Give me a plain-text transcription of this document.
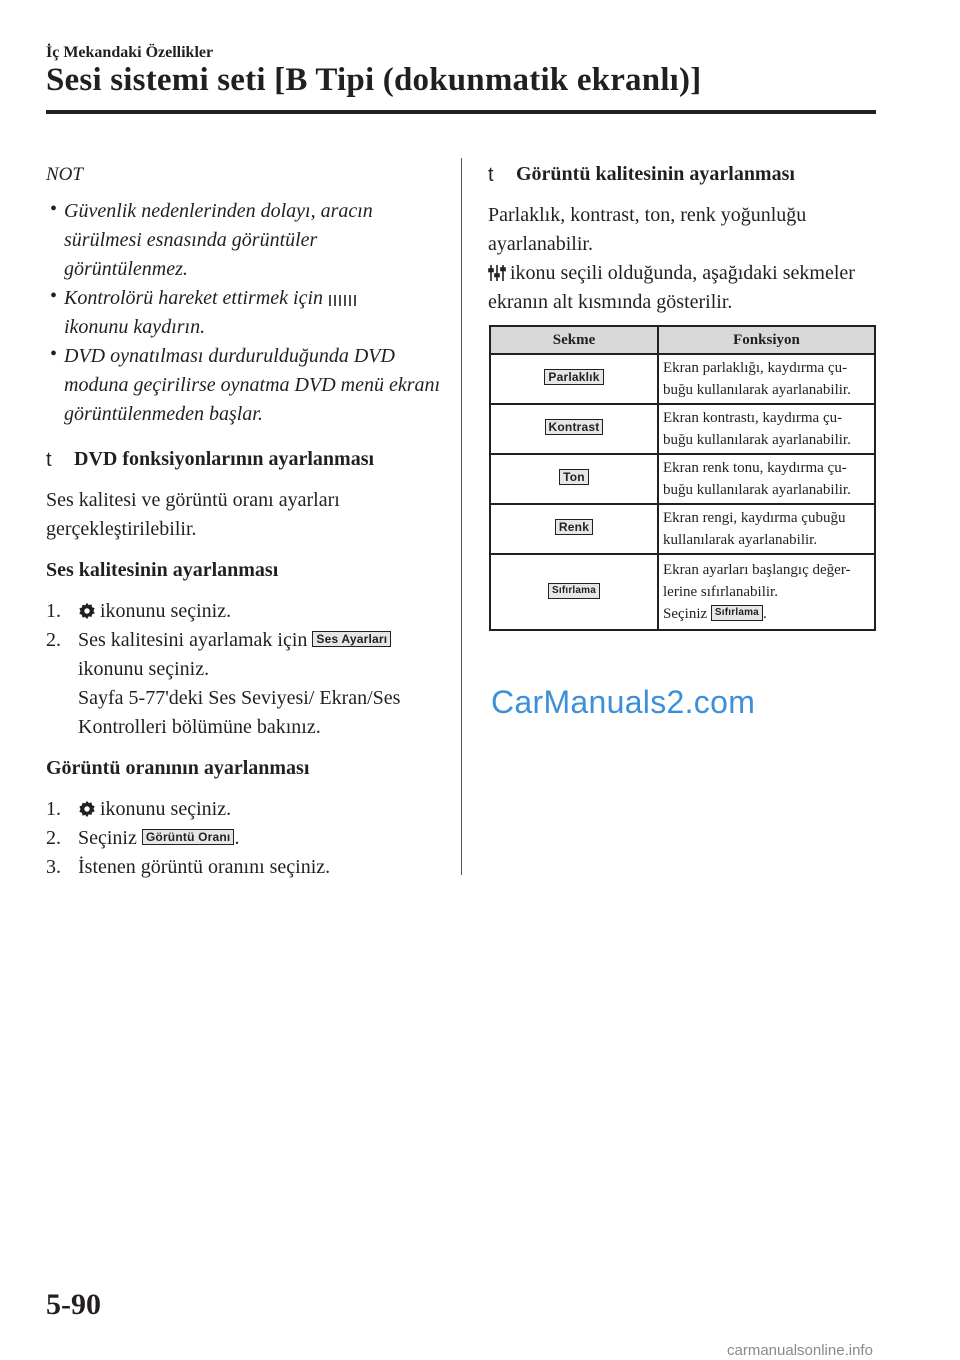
İç Mekandaki Özellikler
Sesi sistemi seti [B Tipi (dokunmatik ekranlı)]
NOT
• Güvenlik nedenlerinden dolayı, aracın sürülmesi esnasında görüntüler görüntülenmez.
• Kontrolörü hareket ettirmek için
ikonunu kaydırın.
• DVD oynatılması durdurulduğunda DVD moduna geçirilirse oynatma DVD menü ekranı görüntülenmeden başlar.
t DVD fonksiyonlarının ayarlanması

Ses kalitesi ve görüntü oranı ayarları gerçekleştirilebilir.

Ses kalitesinin ayarlanması
1. ikonunu seçiniz.
2. Ses kalitesini ayarlamak için Ses Ayarları
ikonunu seçiniz.
Sayfa 5-77'deki Ses Seviyesi/ Ekran/Ses Kontrolleri bölümüne bakınız.
Görüntü oranının ayarlanması
1. ikonunu seçiniz.
2. Seçiniz Görüntü Oranı .
3. İstenen görüntü oranını seçiniz.
t Görüntü kalitesinin ayarlanması

Parlaklık, kontrast, ton, renk yoğunluğu ayarlanabilir.

ikonu seçili olduğunda, aşağıdaki sekmeler ekranın alt kısmında gösterilir.

Sekme	Fonksiyon
Parlaklık	Ekran parlaklığı, kaydırma çu-buğu kullanılarak ayarlanabilir.
Kontrast	Ekran kontrastı, kaydırma çu-buğu kullanılarak ayarlanabilir.
Ton	Ekran renk tonu, kaydırma çu-buğu kullanılarak ayarlanabilir.
Renk	Ekran rengi, kaydırma çubuğu kullanılarak ayarlanabilir.
Sıfırlama	Ekran ayarları başlangıç değer-lerine sıfırlanabilir.
Seçiniz Sıfırlama .
CarManuals2.com
5-90
carmanualsonline.info
